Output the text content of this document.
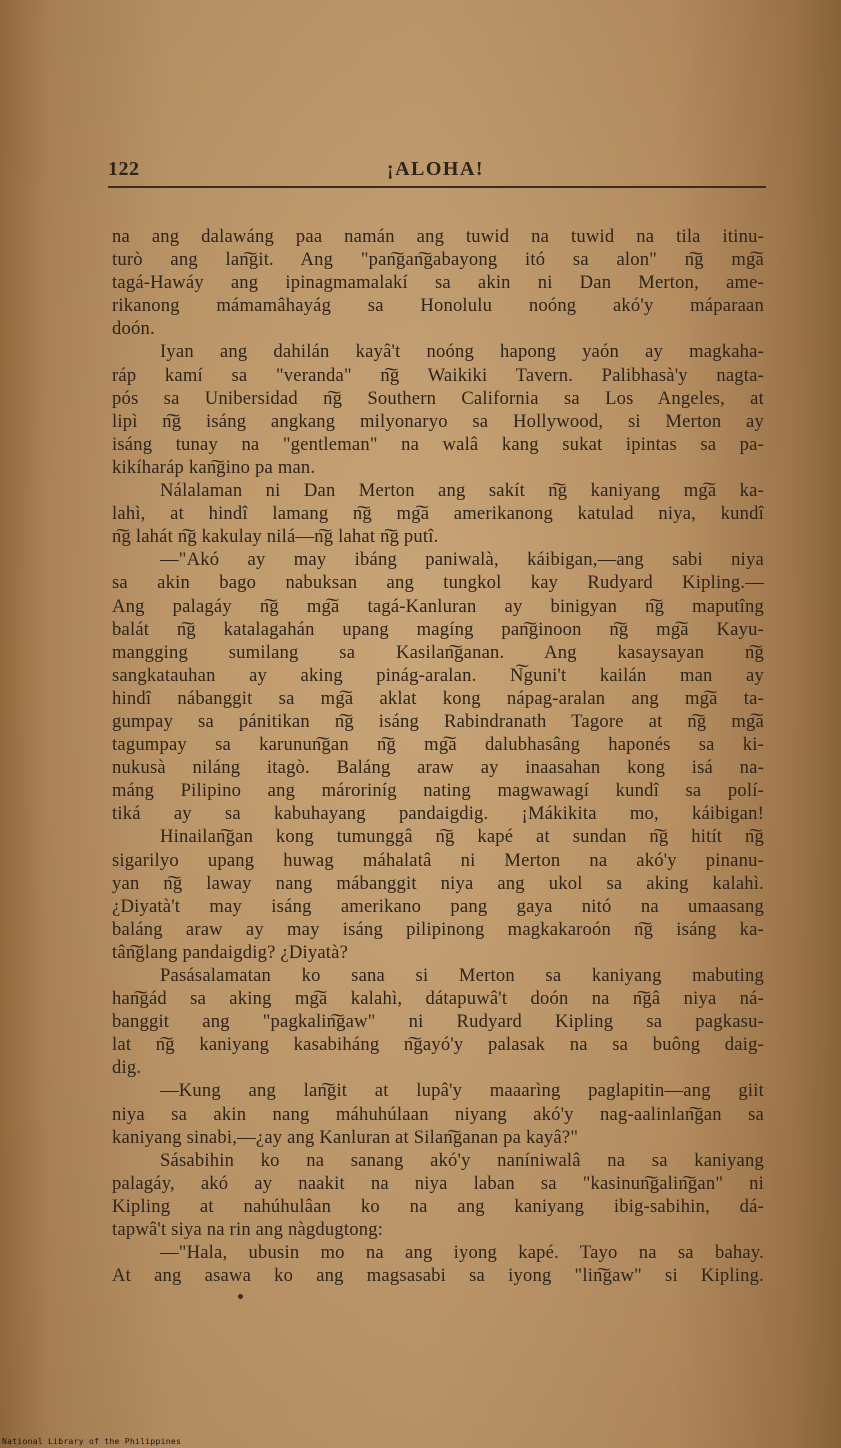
122	¡ALOHA!
na ang dalawáng paa namán ang tuwid na tuwid na tila itinu-
turò ang lan͠git. Ang "pan͠gan͠gabayong itó sa alon" n͠g mg͠a
tagá-Hawáy ang ipinagmamalakí sa akin ni Dan Merton, ame-
rikanong mámamâhayág sa Honolulu noóng akó'y máparaan
doón.
Iyan ang dahilán kayâ't noóng hapong yaón ay magkaha-
ráp kamí sa "veranda" n͠g Waikiki Tavern. Palibhasà'y nagta-
pós sa Unibersidad n͠g Southern California sa Los Angeles, at
lipì n͠g isáng angkang milyonaryo sa Hollywood, si Merton ay
isáng tunay na "gentleman" na walâ kang sukat ipintas sa pa-
kikíharáp kan͠gino pa man.
Nálalaman ni Dan Merton ang sakít n͠g kaniyang mg͠a ka-
lahì, at hindî lamang n͠g mg͠a amerikanong katulad niya, kundî
n͠g lahát n͠g kakulay nilá—n͠g lahat n͠g putî.
—"Akó ay may ibáng paniwalà, káibigan,—ang sabi niya
sa akin bago nabuksan ang tungkol kay Rudyard Kipling.—
Ang palagáy n͠g mg͠a tagá-Kanluran ay binigyan n͠g maputîng
balát n͠g katalagahán upang magíng pan͠ginoon n͠g mg͠a Kayu-
mangging sumilang sa Kasilan͠ganan. Ang kasaysayan n͠g
sangkatauhan ay aking pinág-aralan. N͠guni't kailán man ay
hindî nábanggit sa mg͠a aklat kong nápag-aralan ang mg͠a ta-
gumpay sa pánitikan n͠g isáng Rabindranath Tagore at n͠g mg͠a
tagumpay sa karunun͠gan n͠g mg͠a dalubhasâng haponés sa ki-
nukusà niláng itagò. Baláng araw ay inaasahan kong isá na-
máng Pilipino ang mároriníg nating magwawagí kundî sa polí-
tiká ay sa kabuhayang pandaigdig. ¡Mákikita mo, káibigan!
Hinailan͠gan kong tumunggâ n͠g kapé at sundan n͠g hitít n͠g
sigarilyo upang huwag máhalatâ ni Merton na akó'y pinanu-
yan n͠g laway nang mábanggit niya ang ukol sa aking kalahì.
¿Diyatà't may isáng amerikano pang gaya nitó na umaasang
baláng araw ay may isáng pilipinong magkakaroón n͠g isáng ka-
tân͠glang pandaigdig? ¿Diyatà?
Pasásalamatan ko sana si Merton sa kaniyang mabuting
han͠gád sa aking mg͠a kalahì, dátapuwâ't doón na n͠gâ niya ná-
banggit ang "pagkalin͠gaw" ni Rudyard Kipling sa pagkasu-
lat n͠g kaniyang kasabiháng n͠gayó'y palasak na sa buông daig-
dig.
—Kung ang lan͠git at lupâ'y maaarìng paglapitin—ang giit
niya sa akin nang máhuhúlaan niyang akó'y nag-aalinlan͠gan sa
kaniyang sinabi,—¿ay ang Kanluran at Silan͠ganan pa kayâ?"
Sásabihin ko na sanang akó'y naníniwalâ na sa kaniyang
palagáy, akó ay naakit na niya laban sa "kasinun͠galin͠gan" ni
Kipling at nahúhulâan ko na ang kaniyang ibig-sabihin, dá-
tapwâ't siya na rin ang nàgdugtong:
—"Hala, ubusin mo na ang iyong kapé. Tayo na sa bahay.
At ang asawa ko ang magsasabi sa iyong "lin͠gaw" si Kipling.
National Library of the Philippines
